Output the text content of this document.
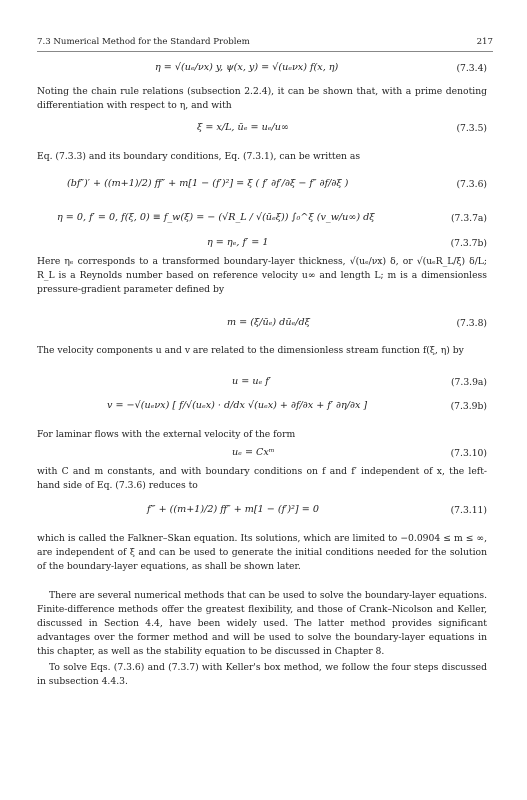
7.3 Numerical Method for the Standard Problem	217
η = √(uₑ/νx) y, ψ(x, y) = √(uₑνx) f(x, η)	(7.3.4)
Noting the chain rule relations (subsection 2.2.4), it can be shown that, with a prime denoting differentiation with respect to η, and with
ξ = x/L, ūₑ = uₑ/u∞	(7.3.5)
Eq. (7.3.3) and its boundary conditions, Eq. (7.3.1), can be written as
(bf″)′ + ((m+1)/2) ff″ + m[1 − (f′)²] = ξ ( f′ ∂f′/∂ξ − f″ ∂f/∂ξ )	(7.3.6)
η = 0, f′ = 0, f(ξ, 0) ≡ f_w(ξ) = − (√R_L / √(ūₑξ)) ∫₀^ξ (v_w/u∞) dξ	(7.3.7a)
η = ηₑ, f′ = 1	(7.3.7b)
Here ηₑ corresponds to a transformed boundary-layer thickness, √(uₑ/νx) δ, or √(uₑR_L/ξ) δ/L; R_L is a Reynolds number based on reference velocity u∞ and length L; m is a dimensionless pressure-gradient parameter defined by
m = (ξ/ūₑ) dūₑ/dξ	(7.3.8)
The velocity components u and v are related to the dimensionless stream function f(ξ, η) by
u = uₑ f′	(7.3.9a)
v = −√(uₑνx) [ f/√(uₑx) · d/dx √(uₑx) + ∂f/∂x + f′ ∂η/∂x ]	(7.3.9b)
For laminar flows with the external velocity of the form
uₑ = Cxᵐ	(7.3.10)
with C and m constants, and with boundary conditions on f and f′ independent of x, the left-hand side of Eq. (7.3.6) reduces to
f‴ + ((m+1)/2) ff″ + m[1 − (f′)²] = 0	(7.3.11)
which is called the Falkner–Skan equation. Its solutions, which are limited to −0.0904 ≤ m ≤ ∞, are independent of ξ and can be used to generate the initial conditions needed for the solution of the boundary-layer equations, as shall be shown later.
There are several numerical methods that can be used to solve the boundary-layer equations. Finite-difference methods offer the greatest flexibility, and those of Crank–Nicolson and Keller, discussed in Section 4.4, have been widely used. The latter method provides significant advantages over the former method and will be used to solve the boundary-layer equations in this chapter, as well as the stability equation to be discussed in Chapter 8.
To solve Eqs. (7.3.6) and (7.3.7) with Keller's box method, we follow the four steps discussed in subsection 4.4.3.
